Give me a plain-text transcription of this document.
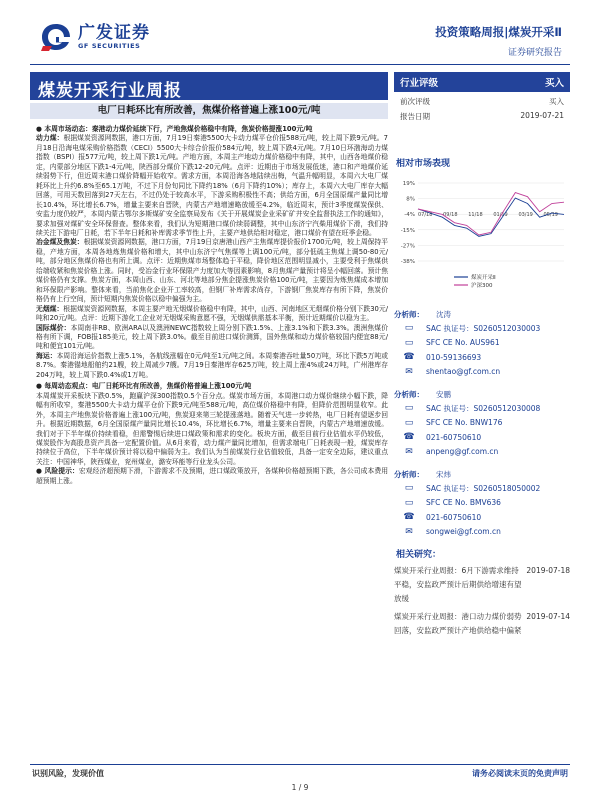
广发证券
GF SECURITIES
投资策略周报|煤炭开采Ⅱ
证券研究报告
煤炭开采行业周报
电厂日耗环比有所改善，焦煤价格普遍上涨100元/吨

● 本周市场动态：秦港动力煤价延续下行，产地焦煤价格稳中有降，焦炭价格提涨100元/吨

动力煤：根据煤炭资源网数据，港口方面，7月19日秦港5500大卡动力煤平仓价报588元/吨，较上周下跌9元/吨。7月18日沿海电煤采购价格指数（CECI）5500大卡综合价报价584元/吨，较上周下跌4元/吨。7月10日环渤海动力煤指数（BSPI）报577元/吨，较上周下跌1元/吨。产地方面，本周主产地动力煤价格稳中有降，其中，山西各地煤价稳定，内蒙部分地区下跌1-4元/吨，陕西部分煤价下跌12-20元/吨。点评：近期由于市场发展低迷，港口和产地煤价延续弱势下行，但近周末港口煤价降幅开始收窄。需求方面，本周沿海各地陆续出梅，气温升幅明显，本周六大电厂煤耗环比上升约6.8%至65.1万吨，不过下月份旬同比下降约18%（6月下降约10%）；库存上，本周六大电厂库存大幅回落，可用天数回落到27天左右，不过仍处于较高水平，下游采购积极性不高；供给方面，6月全国原煤产量同比增长10.4%，环比增长6.7%，增量主要来自晋陕，内蒙古产地增速略放缓至4.2%，临近周末，预计3季度煤炭保供、安监力度仍较严，本周内蒙古鄂尔多斯煤矿安全监察局发布《关于开展煤炭企业采矿矿井安全监督执法工作的通知》，要求加强对煤矿安全环保督查。整体来看，我们认为短期港口煤价续弱调整，其中山东济宁汽柴用煤价下滑，我们持续关注下游电厂日耗，若下半年日耗和补库需求季节性上升，主要产地供给相对稳定，港口煤价有望在旺季企稳。

冶金煤及焦炭：根据煤炭资源网数据，港口方面，7月19日京唐港山西产主焦煤库提价报价1700元/吨，较上周保持平稳，产地方面，本周各地炼焦煤价格和增大，其中山东济宁气焦煤等上调100元/吨，部分低硫主焦煤上调50-80元/吨，部分地区焦煤价格也有所上调。点评：近期焦煤市场整体趋于平稳，降价地区范围明显减小，主要受利于焦煤供给端收紧和焦炭价格上涨。同时，受冶金行业环保限产力度加大等因素影响，8月焦煤产量预计将呈小幅回落。预计焦煤价格仍有支撑。焦炭方面，本周山西、山东、河北等地部分焦企提涨焦炭价格100元/吨，主要因为炼焦煤成本增加和环保限产影响。整体来看，当前焦化企业开工率较高，但钢厂补库需求尚存，下游钢厂焦炭库存有所下降，焦炭价格仍有上行空间，预计短期内焦炭价格以稳中偏强为主。

无烟煤：根据煤炭资源网数据，本周主要产地无烟煤价格稳中有降，其中，山西、河南地区无烟煤价格分别下跌30元/吨和20元/吨。点评：近期下游化工企业对无烟煤采购意愿不强，无烟煤供需基本平衡，预计近期煤价以稳为主。

国际煤价：本周南非RB、欧洲ARA以及澳洲NEWC指数较上周分别下跌1.5%、上涨3.1%和下跌3.3%。澳洲焦煤价格有所下调，FOB报185美元，较上周下跌3.0%。截至目前进口煤价测算，国外焦煤和动力煤价格较国内便宜88元/吨和便宜101元/吨。

海运：本周沿海运价指数上涨5.1%，各航线涨幅在0元/吨至1元/吨之间。本周秦港吞吐量50万吨，环比下跌5万吨或8.7%。秦港锚地船舶约21艘，较上周减少7艘。7月19日秦港库存625万吨，较上周上涨4%或24万吨，广州港库存204万吨，较上周下跌0.4%或1万吨。

● 每周动态观点：电厂日耗环比有所改善，焦煤价格普遍上涨100元/吨

本周煤炭开采板块下跌0.5%，跑赢沪深300指数0.5个百分点。煤炭市场方面，本周港口动力煤价继续小幅下跌，降幅有所收窄，秦港5500大卡动力煤平仓价下跌9元/吨至588元/吨，高位煤价格稳中有降，但降价范围明显收窄。此外，本周主产地焦炭价格普遍上涨100元/吨，焦炭迎来第三轮提涨落地。随着天气进一步转热，电厂日耗有望逐步回升。根据近期数据，6月全国原煤产量同比增长10.4%，环比增长6.7%，增量主要来自晋陕，内蒙古产地增速放缓。我们对于下半年煤价持续看稳，但需警惕后续进口煤政策和需求的变化。板块方面，截至目前行业估值水平仍较低，煤炭股作为高股息资产具备一定配置价值。从6月来看，动力煤产量同比增加，但需求端电厂日耗表现一般，煤炭库存持续位于高位，下半年煤价预计将以稳中偏弱为主。我们认为当前煤炭行业估值较低，具备一定安全边际，建议重点关注：中国神华，陕西煤业，兖州煤业，潞安环能等行业龙头公司。

● 风险提示：宏观经济超预期下滑，下游需求不及预期，进口煤政策放开，各煤种价格超预期下跌，各公司成本费用超预期上涨。

行业评级	买入
前次评级	买入
报告日期	2019-07-21
相对市场表现
19%
8%
-4%
-15%
-27%
-38%
07/18 09/18 11/18 01/19 03/19 05/19
煤炭开采Ⅱ
沪深300
分析师： 沈涛
▭	SAC 执证号：S0260512030003
▭	SFC CE No. AUS961
☎ 010-59136693
✉	shentao@gf.com.cn
分析师： 安鹏
▭	SAC 执证号：S0260512030008
▭	SFC CE No. BNW176
☎ 021-60750610
✉	anpeng@gf.com.cn
分析师： 宋炜
▭	SAC 执证号：S0260518050002
▭	SFC CE No. BMV636
☎ 021-60750610
✉	songwei@gf.com.cn
相关研究：
煤炭开采行业周报：6月下游需求维持平稳，安监政严预计后期供给增速有望放缓
2019-07-18
煤炭开采行业周报：港口动力煤价弱势回落，安监政严预计产地供给稳中偏紧
2019-07-14
识别风险，发现价值	请务必阅读末页的免责声明
1 / 9
